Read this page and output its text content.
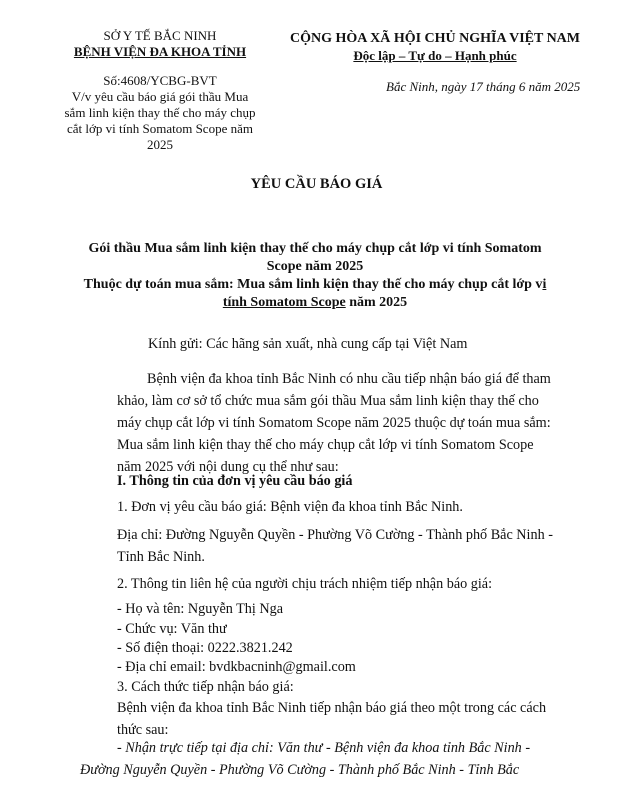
SỞ Y TẾ BẮC NINH
BỆNH VIỆN ĐA KHOA TỈNH
Số:4608/YCBG-BVT
V/v yêu cầu báo giá gói thầu Mua sắm linh kiện thay thế cho máy chụp cắt lớp vi tính Somatom Scope năm 2025
CỘNG HÒA XÃ HỘI CHỦ NGHĨA VIỆT NAM
Độc lập – Tự do – Hạnh phúc
Bắc Ninh, ngày 17 tháng 6 năm 2025
YÊU CẦU BÁO GIÁ
Gói thầu Mua sắm linh kiện thay thế cho máy chụp cắt lớp vi tính Somatom Scope năm 2025
Thuộc dự toán mua sắm: Mua sắm linh kiện thay thế cho máy chụp cắt lớp vi tính Somatom Scope năm 2025
Kính gửi: Các hãng sản xuất, nhà cung cấp tại Việt Nam
Bệnh viện đa khoa tỉnh Bắc Ninh có nhu cầu tiếp nhận báo giá để tham khảo, làm cơ sở tổ chức mua sắm gói thầu Mua sắm linh kiện thay thế cho máy chụp cắt lớp vi tính Somatom Scope năm 2025 thuộc dự toán mua sắm: Mua sắm linh kiện thay thế cho máy chụp cắt lớp vi tính Somatom Scope năm 2025 với nội dung cụ thể như sau:
I. Thông tin của đơn vị yêu cầu báo giá
1. Đơn vị yêu cầu báo giá: Bệnh viện đa khoa tỉnh Bắc Ninh.
Địa chỉ: Đường Nguyễn Quyền - Phường Võ Cường - Thành phố Bắc Ninh - Tỉnh Bắc Ninh.
2. Thông tin liên hệ của người chịu trách nhiệm tiếp nhận báo giá:
- Họ và tên: Nguyễn Thị Nga
- Chức vụ: Văn thư
- Số điện thoại: 0222.3821.242
- Địa chỉ email: bvdkbacninh@gmail.com
3. Cách thức tiếp nhận báo giá:
Bệnh viện đa khoa tỉnh Bắc Ninh tiếp nhận báo giá theo một trong các cách thức sau:
- Nhận trực tiếp tại địa chỉ: Văn thư - Bệnh viện đa khoa tỉnh Bắc Ninh - Đường Nguyễn Quyền - Phường Võ Cường - Thành phố Bắc Ninh - Tỉnh Bắc
